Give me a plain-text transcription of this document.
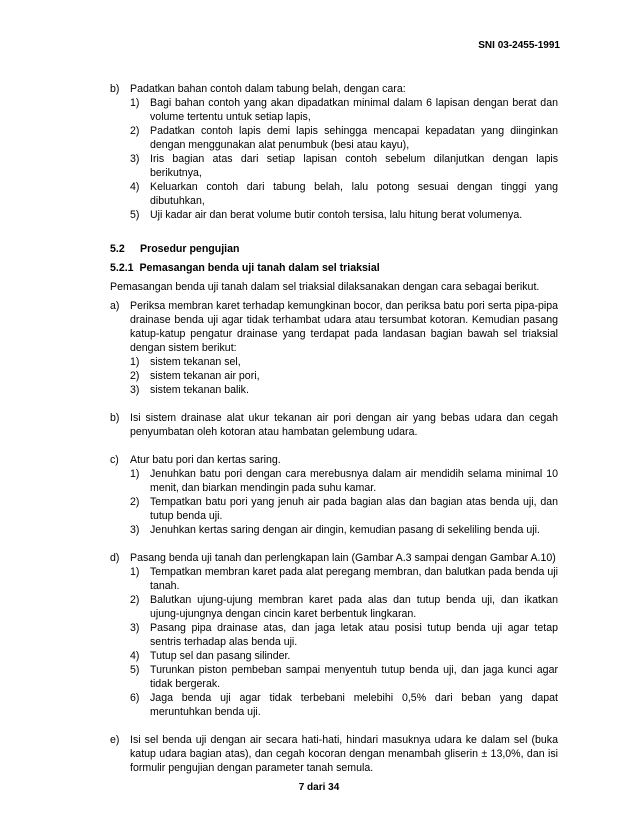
SNI 03-2455-1991
b) Padatkan bahan contoh dalam tabung belah, dengan cara:
1) Bagi bahan contoh yang akan dipadatkan minimal dalam 6 lapisan dengan berat dan volume tertentu untuk setiap lapis,
2) Padatkan contoh lapis demi lapis sehingga mencapai kepadatan yang diinginkan dengan menggunakan alat penumbuk (besi atau kayu),
3) Iris bagian atas dari setiap lapisan contoh sebelum dilanjutkan dengan lapis berikutnya,
4) Keluarkan contoh dari tabung belah, lalu potong sesuai dengan tinggi yang dibutuhkan,
5) Uji kadar air dan berat volume butir contoh tersisa, lalu hitung berat volumenya.
5.2	Prosedur pengujian
5.2.1  Pemasangan benda uji tanah dalam sel triaksial
Pemasangan benda uji tanah dalam sel triaksial dilaksanakan dengan cara sebagai berikut.
a) Periksa membran karet terhadap kemungkinan bocor, dan periksa batu pori serta pipa-pipa drainase benda uji agar tidak terhambat udara atau tersumbat kotoran. Kemudian pasang katup-katup pengatur drainase yang terdapat pada landasan bagian bawah sel triaksial dengan sistem berikut:
1) sistem tekanan sel,
2) sistem tekanan air pori,
3) sistem tekanan balik.
b) Isi sistem drainase alat ukur tekanan air pori dengan air yang bebas udara dan cegah penyumbatan oleh kotoran atau hambatan gelembung udara.
c) Atur batu pori dan kertas saring.
1) Jenuhkan batu pori dengan cara merebusnya dalam air mendidih selama minimal 10 menit, dan biarkan mendingin pada suhu kamar.
2) Tempatkan batu pori yang jenuh air pada bagian alas dan bagian atas benda uji, dan tutup benda uji.
3) Jenuhkan kertas saring dengan air dingin, kemudian pasang di sekeliling benda uji.
d) Pasang benda uji tanah dan perlengkapan lain (Gambar A.3 sampai dengan Gambar A.10)
1) Tempatkan membran karet pada alat peregang membran, dan balutkan pada benda uji tanah.
2) Balutkan ujung-ujung membran karet pada alas dan tutup benda uji, dan ikatkan ujung-ujungnya dengan cincin karet berbentuk lingkaran.
3) Pasang pipa drainase atas, dan jaga letak atau posisi tutup benda uji agar tetap sentris terhadap alas benda uji.
4) Tutup sel dan pasang silinder.
5) Turunkan piston pembeban sampai menyentuh tutup benda uji, dan jaga kunci agar tidak bergerak.
6) Jaga benda uji agar tidak terbebani melebihi 0,5% dari beban yang dapat meruntuhkan benda uji.
e) Isi sel benda uji dengan air secara hati-hati, hindari masuknya udara ke dalam sel (buka katup udara bagian atas), dan cegah kocoran dengan menambah gliserin ± 13,0%, dan isi formulir pengujian dengan parameter tanah semula.
7 dari 34
